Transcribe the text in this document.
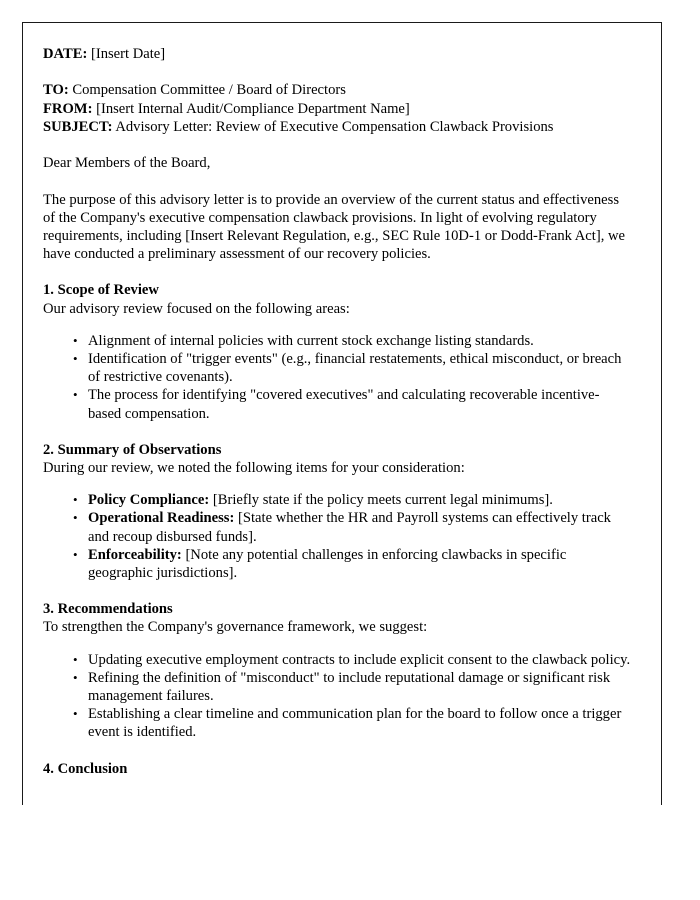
DATE: [Insert Date]
TO: Compensation Committee / Board of Directors
FROM: [Insert Internal Audit/Compliance Department Name]
SUBJECT: Advisory Letter: Review of Executive Compensation Clawback Provisions
Dear Members of the Board,

The purpose of this advisory letter is to provide an overview of the current status and effectiveness of the Company's executive compensation clawback provisions. In light of evolving regulatory requirements, including [Insert Relevant Regulation, e.g., SEC Rule 10D-1 or Dodd-Frank Act], we have conducted a preliminary assessment of our recovery policies.

1. Scope of Review
Our advisory review focused on the following areas:
• Alignment of internal policies with current stock exchange listing standards.
• Identification of "trigger events" (e.g., financial restatements, ethical misconduct, or breach of restrictive covenants).
• The process for identifying "covered executives" and calculating recoverable incentive-based compensation.
2. Summary of Observations
During our review, we noted the following items for your consideration:
• Policy Compliance: [Briefly state if the policy meets current legal minimums].
• Operational Readiness: [State whether the HR and Payroll systems can effectively track and recoup disbursed funds].
• Enforceability: [Note any potential challenges in enforcing clawbacks in specific geographic jurisdictions].
3. Recommendations
To strengthen the Company's governance framework, we suggest:
• Updating executive employment contracts to include explicit consent to the clawback policy.
• Refining the definition of "misconduct" to include reputational damage or significant risk management failures.
• Establishing a clear timeline and communication plan for the board to follow once a trigger event is identified.
4. Conclusion
